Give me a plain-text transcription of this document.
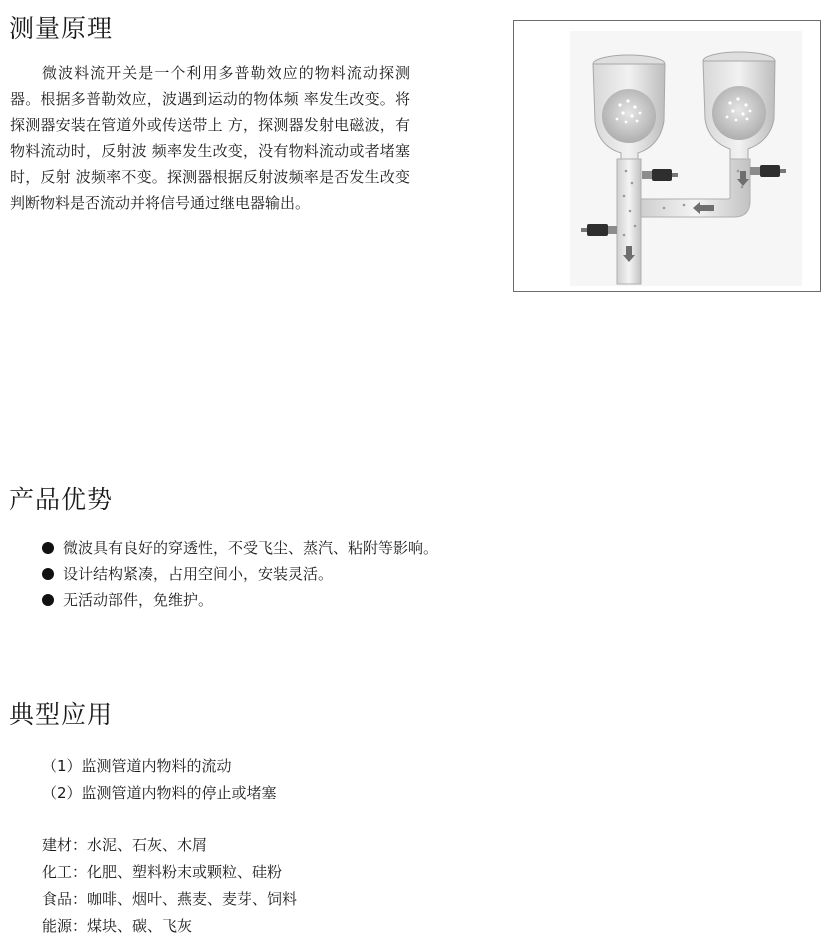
测量原理

微波料流开关是一个利用多普勒效应的物料流动探测器。根据多普勒效应，波遇到运动的物体频 率发生改变。将探测器安装在管道外或传送带上 方，探测器发射电磁波，有物料流动时，反射波 频率发生改变，没有物料流动或者堵塞时，反射 波频率不变。探测器根据反射波频率是否发生改变判断物料是否流动并将信号通过继电器输出。

产品优势
微波具有良好的穿透性，不受飞尘、蒸汽、粘附等影响。
设计结构紧凑，占用空间小，安装灵活。
无活动部件，免维护。
典型应用
（1）监测管道内物料的流动
（2）监测管道内物料的停止或堵塞
建材：水泥、石灰、木屑
化工：化肥、塑料粉末或颗粒、硅粉
食品：咖啡、烟叶、燕麦、麦芽、饲料
能源：煤块、碳、飞灰
